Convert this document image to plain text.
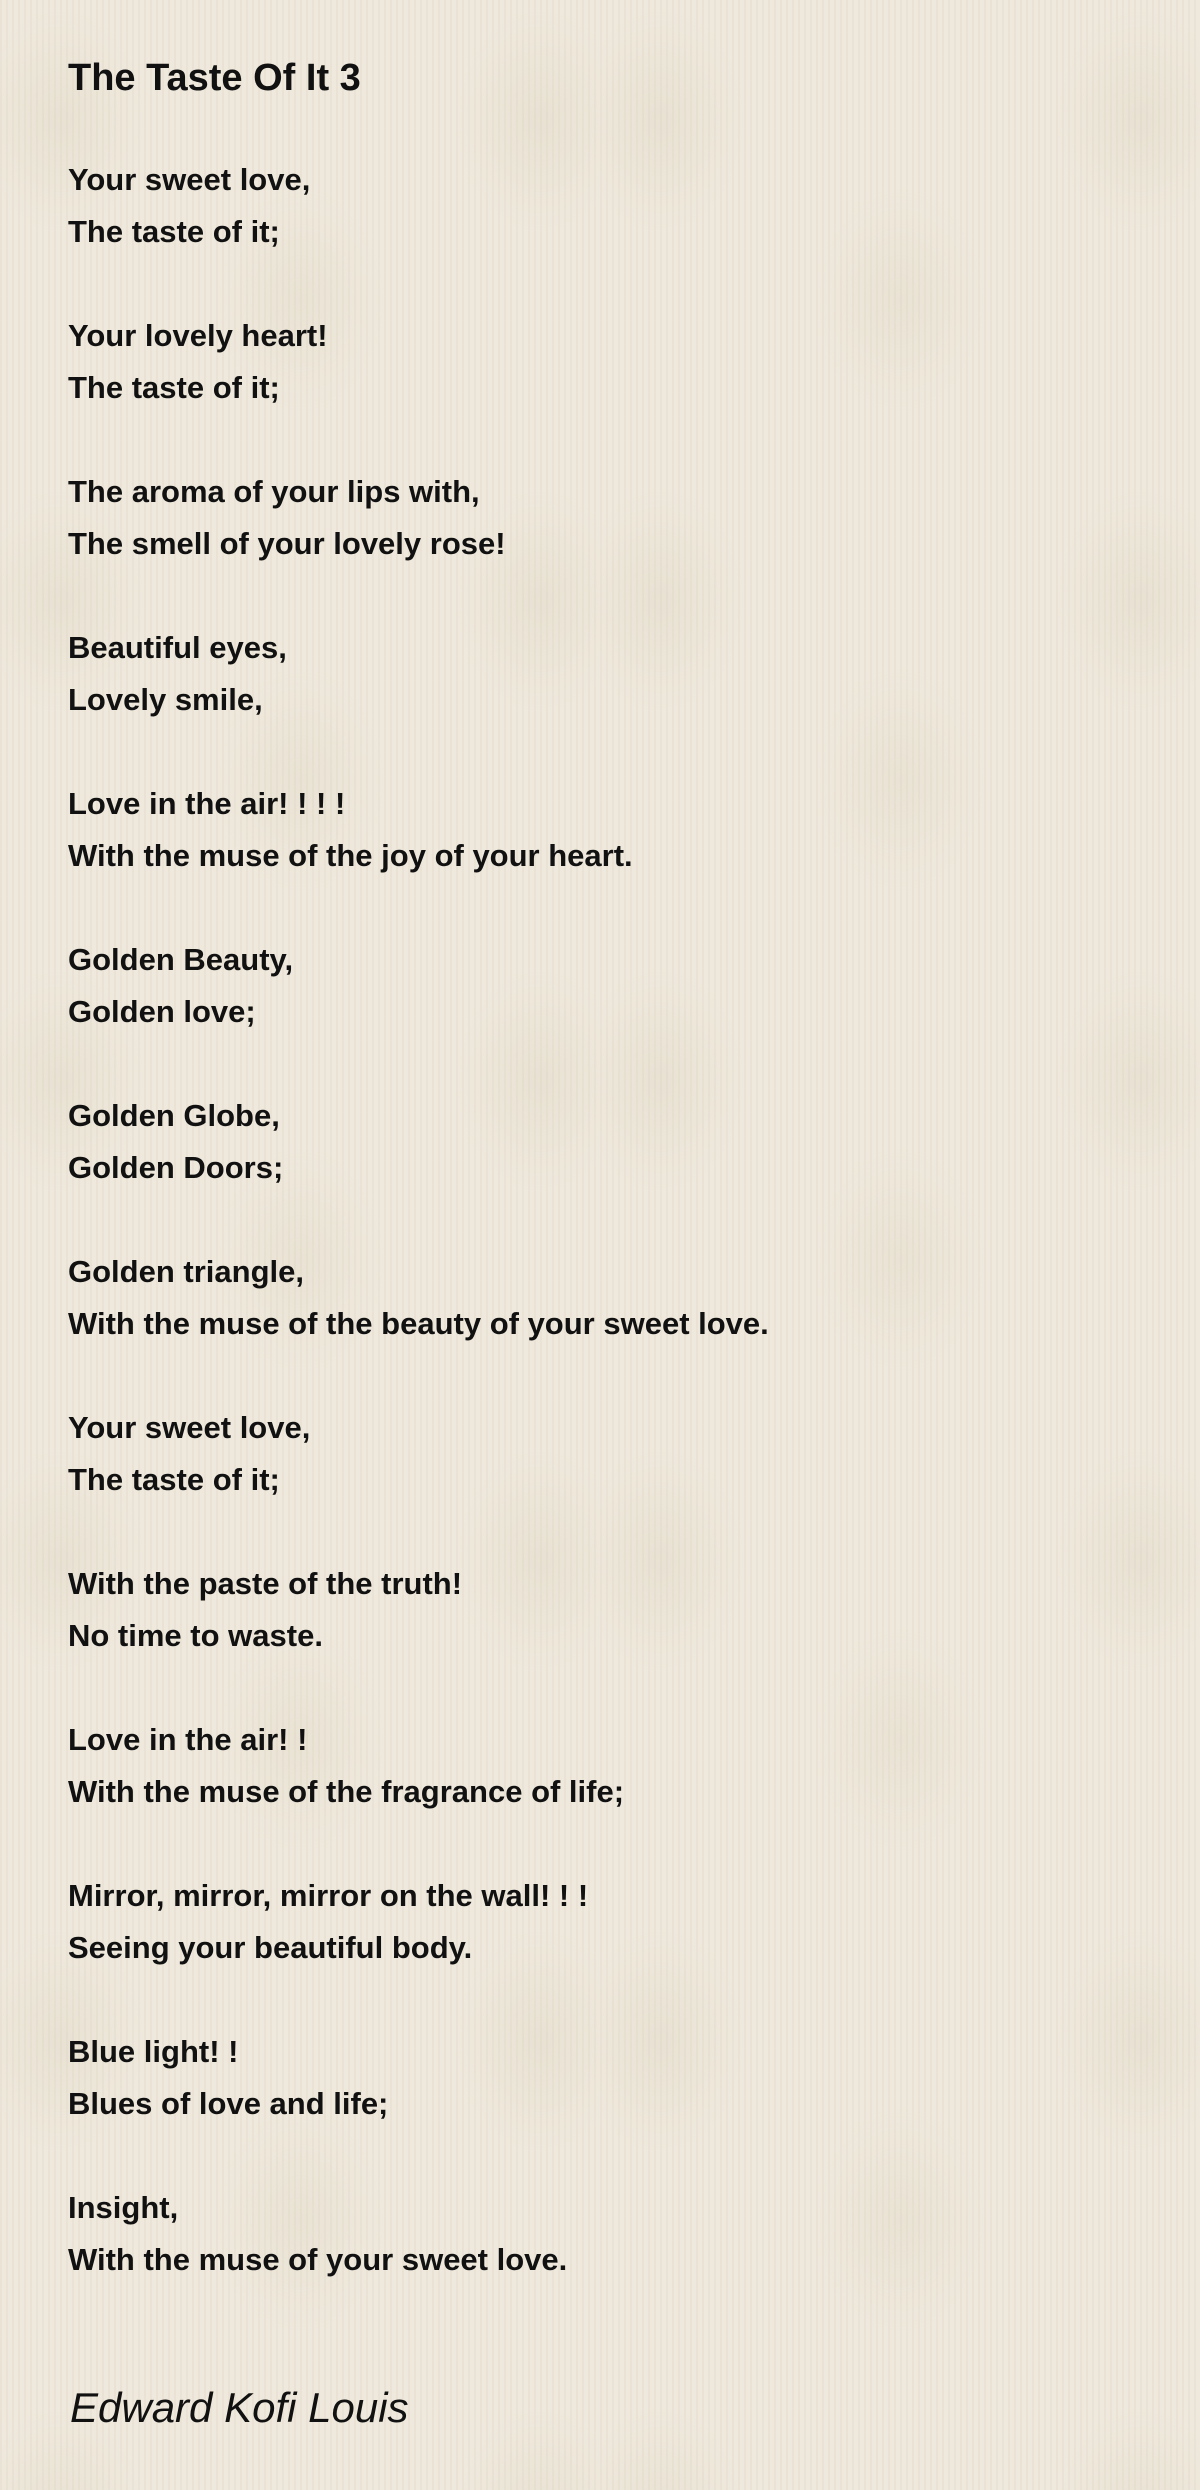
The Taste Of It 3
Your sweet love,
The taste of it;
Your lovely heart!
The taste of it;
The aroma of your lips with,
The smell of your lovely rose!
Beautiful eyes,
Lovely smile,
Love in the air! ! ! !
With the muse of the joy of your heart.
Golden Beauty,
Golden love;
Golden Globe,
Golden Doors;
Golden triangle,
With the muse of the beauty of your sweet love.
Your sweet love,
The taste of it;
With the paste of the truth!
No time to waste.
Love in the air! !
With the muse of the fragrance of life;
Mirror, mirror, mirror on the wall! ! !
Seeing your beautiful body.
Blue light! !
Blues of love and life;
Insight,
With the muse of your sweet love.
Edward Kofi Louis
